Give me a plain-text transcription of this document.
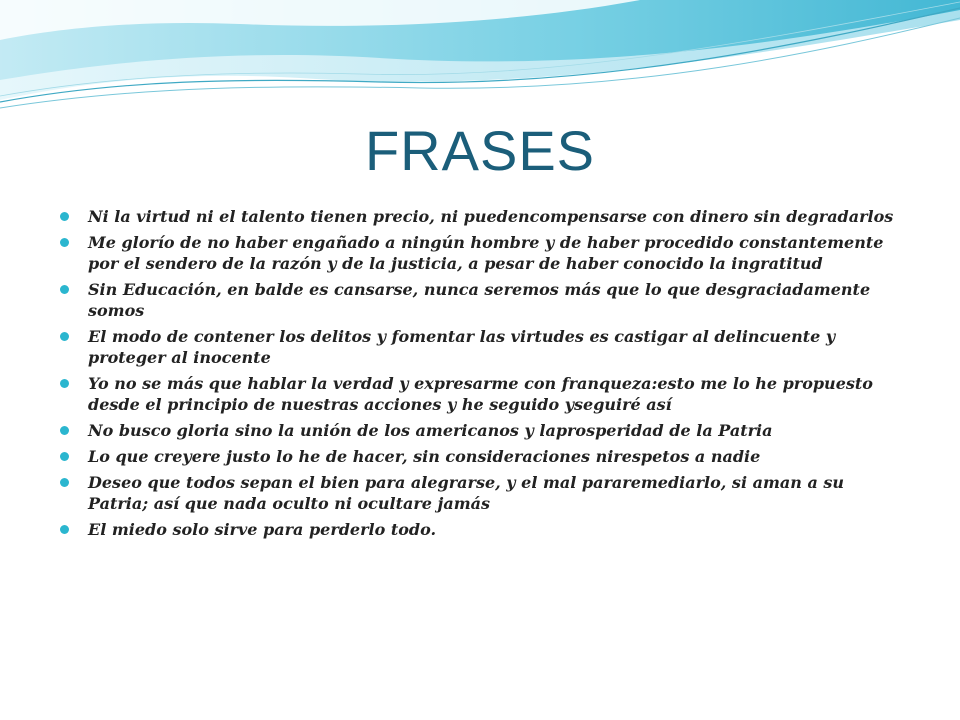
FRASES
Ni la virtud ni el talento tienen precio, ni puedencompensarse con dinero sin degradarlos
Me glorío de no haber engañado a ningún hombre y de haber procedido constantemente por el sendero de la razón y de la justicia, a pesar de haber conocido la ingratitud
Sin Educación, en balde es cansarse, nunca seremos más que lo que desgraciadamente somos
El modo de contener los delitos y fomentar las virtudes es castigar al delincuente y proteger al inocente
Yo no se más que hablar la verdad y expresarme con franqueza:esto me lo he propuesto desde el principio de nuestras acciones y he seguido yseguiré así
No busco gloria sino la unión de los americanos y laprosperidad de la Patria
Lo que creyere justo lo he de hacer, sin consideraciones nirespetos a nadie
Deseo que todos sepan el bien para alegrarse, y el mal pararemediarlo, si aman a su Patria; así que nada oculto ni ocultare jamás
El miedo solo sirve para perderlo todo.
